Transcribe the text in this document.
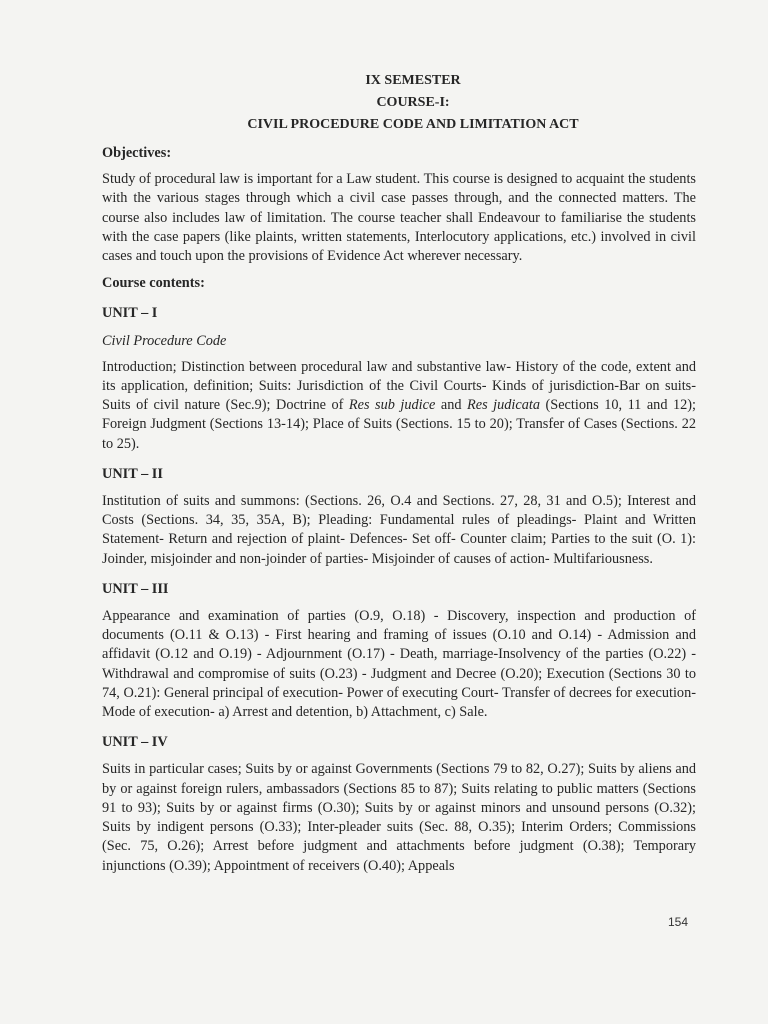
IX SEMESTER
COURSE-I:
CIVIL PROCEDURE CODE AND LIMITATION ACT
Objectives:

Study of procedural law is important for a Law student. This course is designed to acquaint the students with the various stages through which a civil case passes through, and the connected matters. The course also includes law of limitation. The course teacher shall Endeavour to familiarise the students with the case papers (like plaints, written statements, Interlocutory applications, etc.) involved in civil cases and touch upon the provisions of Evidence Act wherever necessary.

Course contents:
UNIT – I
Civil Procedure Code

Introduction; Distinction between procedural law and substantive law- History of the code, extent and its application, definition; Suits: Jurisdiction of the Civil Courts- Kinds of jurisdiction-Bar on suits- Suits of civil nature (Sec.9); Doctrine of Res sub judice and Res judicata (Sections 10, 11 and 12); Foreign Judgment (Sections 13-14); Place of Suits (Sections. 15 to 20); Transfer of Cases (Sections. 22 to 25).

UNIT – II

Institution of suits and summons: (Sections. 26, O.4 and Sections. 27, 28, 31 and O.5); Interest and Costs (Sections. 34, 35, 35A, B); Pleading: Fundamental rules of pleadings- Plaint and Written Statement- Return and rejection of plaint- Defences- Set off- Counter claim; Parties to the suit (O. 1): Joinder, misjoinder and non-joinder of parties- Misjoinder of causes of action- Multifariousness.

UNIT – III

Appearance and examination of parties (O.9, O.18) - Discovery, inspection and production of documents (O.11 & O.13) - First hearing and framing of issues (O.10 and O.14) - Admission and affidavit (O.12 and O.19) - Adjournment (O.17) - Death, marriage-Insolvency of the parties (O.22) - Withdrawal and compromise of suits (O.23) - Judgment and Decree (O.20); Execution (Sections 30 to 74, O.21): General principal of execution- Power of executing Court- Transfer of decrees for execution- Mode of execution- a) Arrest and detention, b) Attachment, c) Sale.

UNIT – IV

Suits in particular cases; Suits by or against Governments (Sections 79 to 82, O.27); Suits by aliens and by or against foreign rulers, ambassadors (Sections 85 to 87); Suits relating to public matters (Sections 91 to 93); Suits by or against firms (O.30); Suits by or against minors and unsound persons (O.32); Suits by indigent persons (O.33); Inter-pleader suits (Sec. 88, O.35); Interim Orders; Commissions (Sec. 75, O.26); Arrest before judgment and attachments before judgment (O.38); Temporary injunctions (O.39); Appointment of receivers (O.40); Appeals

154
